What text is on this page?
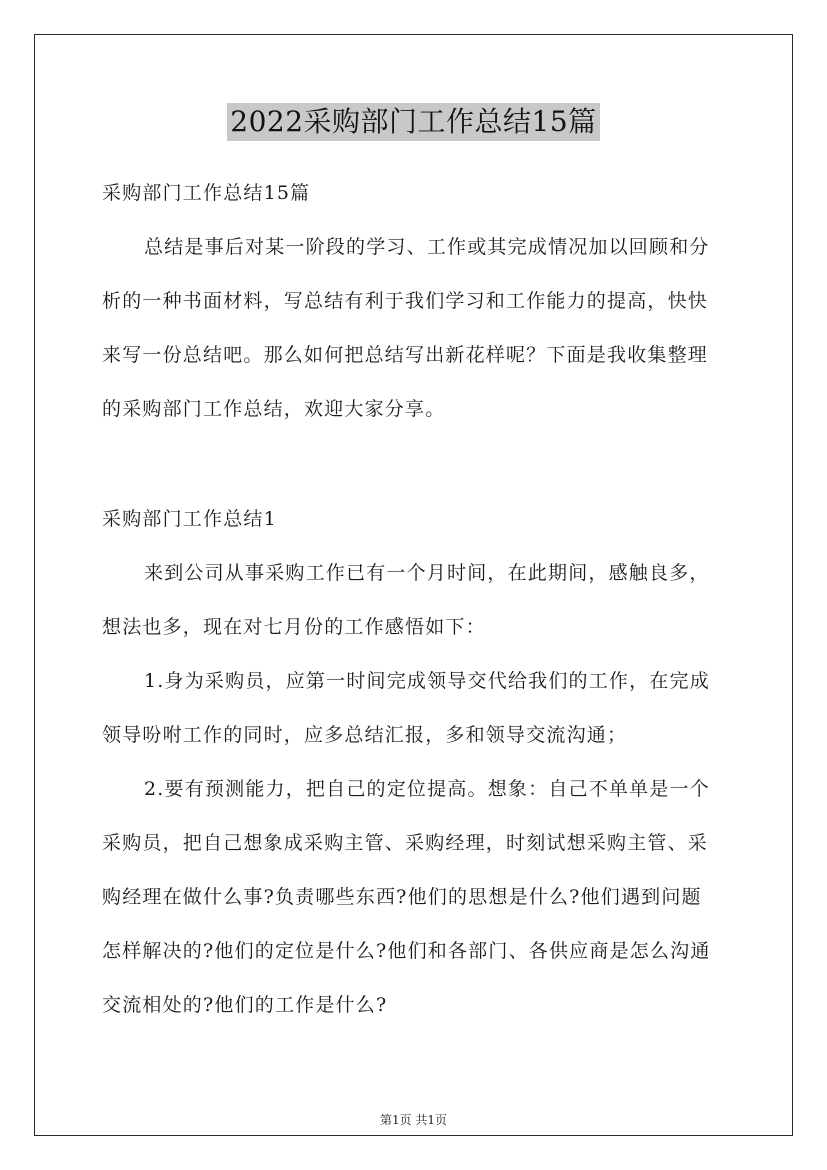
2022采购部门工作总结15篇
采购部门工作总结15篇
总结是事后对某一阶段的学习、工作或其完成情况加以回顾和分
析的一种书面材料，写总结有利于我们学习和工作能力的提高，快快
来写一份总结吧。那么如何把总结写出新花样呢？下面是我收集整理
的采购部门工作总结，欢迎大家分享。
采购部门工作总结1
来到公司从事采购工作已有一个月时间，在此期间，感触良多，
想法也多，现在对七月份的工作感悟如下：
1.身为采购员，应第一时间完成领导交代给我们的工作，在完成
领导吩咐工作的同时，应多总结汇报，多和领导交流沟通；
2.要有预测能力，把自己的定位提高。想象：自己不单单是一个
采购员，把自己想象成采购主管、采购经理，时刻试想采购主管、采
购经理在做什么事?负责哪些东西?他们的思想是什么?他们遇到问题
怎样解决的?他们的定位是什么?他们和各部门、各供应商是怎么沟通
交流相处的?他们的工作是什么?
第1页 共1页
